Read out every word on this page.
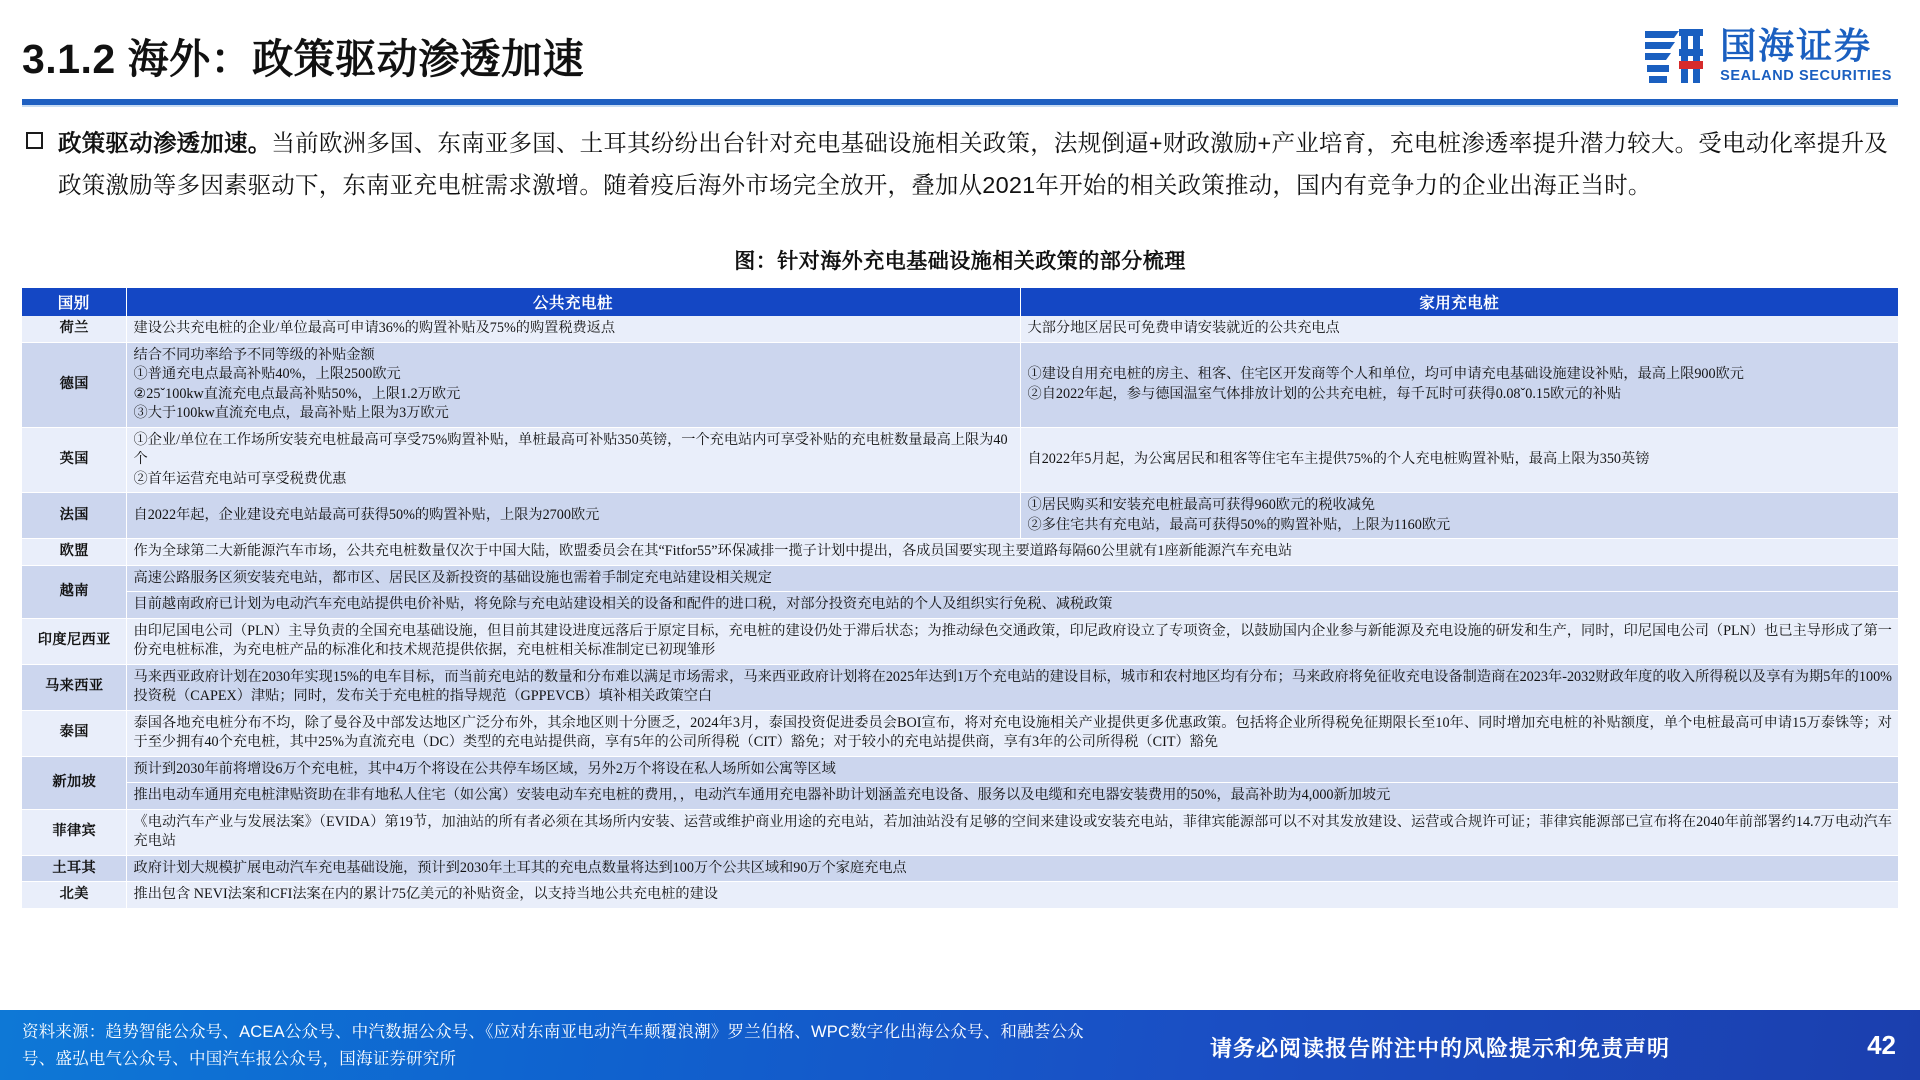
3.1.2 海外：政策驱动渗透加速	国海证券
SEALAND SECURITIES
政策驱动渗透加速。当前欧洲多国、东南亚多国、土耳其纷纷出台针对充电基础设施相关政策，法规倒逼+财政激励+产业培育，充电桩渗透率提升潜力较大。受电动化率提升及政策激励等多因素驱动下，东南亚充电桩需求激增。随着疫后海外市场完全放开，叠加从2021年开始的相关政策推动，国内有竞争力的企业出海正当时。
图：针对海外充电基础设施相关政策的部分梳理
国别	公共充电桩	家用充电桩
荷兰	建设公共充电桩的企业/单位最高可申请36%的购置补贴及75%的购置税费返点	大部分地区居民可免费申请安装就近的公共充电点

德国	结合不同功率给予不同等级的补贴金额
①普通充电点最高补贴40%，上限2500欧元
②25ˇ100kw直流充电点最高补贴50%，上限1.2万欧元
③大于100kw直流充电点，最高补贴上限为3万欧元	①建设自用充电桩的房主、租客、住宅区开发商等个人和单位，均可申请充电基础设施建设补贴，最高上限900欧元
②自2022年起，参与德国温室气体排放计划的公共充电桩，每千瓦时可获得0.08ˇ0.15欧元的补贴

英国	①企业/单位在工作场所安装充电桩最高可享受75%购置补贴，单桩最高可补贴350英镑，一个充电站内可享受补贴的充电桩数量最高上限为40个
②首年运营充电站可享受税费优惠	自2022年5月起，为公寓居民和租客等住宅车主提供75%的个人充电桩购置补贴，最高上限为350英镑

法国	自2022年起，企业建设充电站最高可获得50%的购置补贴，上限为2700欧元	①居民购买和安装充电桩最高可获得960欧元的税收减免
②多住宅共有充电站，最高可获得50%的购置补贴，上限为1160欧元

欧盟	作为全球第二大新能源汽车市场，公共充电桩数量仅次于中国大陆，欧盟委员会在其“Fitfor55”环保减排一揽子计划中提出，各成员国要实现主要道路每隔60公里就有1座新能源汽车充电站	

越南	高速公路服务区须安装充电站，都市区、居民区及新投资的基础设施也需着手制定充电站建设相关规定	

	目前越南政府已计划为电动汽车充电站提供电价补贴，将免除与充电站建设相关的设备和配件的进口税，对部分投资充电站的个人及组织实行免税、减税政策	

印度尼西亚	由印尼国电公司（PLN）主导负责的全国充电基础设施，但目前其建设进度远落后于原定目标，充电桩的建设仍处于滞后状态；为推动绿色交通政策，印尼政府设立了专项资金，以鼓励国内企业参与新能源及充电设施的研发和生产，同时，印尼国电公司（PLN）也已主导形成了第一份充电桩标准，为充电桩产品的标准化和技术规范提供依据，充电桩相关标准制定已初现雏形	

马来西亚	马来西亚政府计划在2030年实现15%的电车目标，而当前充电站的数量和分布难以满足市场需求，马来西亚政府计划将在2025年达到1万个充电站的建设目标，城市和农村地区均有分布；马来政府将免征收充电设备制造商在2023年-2032财政年度的收入所得税以及享有为期5年的100%投资税（CAPEX）津贴；同时，发布关于充电桩的指导规范（GPPEVCB）填补相关政策空白	

泰国	泰国各地充电桩分布不均，除了曼谷及中部发达地区广泛分布外，其余地区则十分匮乏，2024年3月，泰国投资促进委员会BOI宣布，将对充电设施相关产业提供更多优惠政策。包括将企业所得税免征期限长至10年、同时增加充电桩的补贴额度，单个电桩最高可申请15万泰铢等；对于至少拥有40个充电桩，其中25%为直流充电（DC）类型的充电站提供商，享有5年的公司所得税（CIT）豁免；对于较小的充电站提供商，享有3年的公司所得税（CIT）豁免	

新加坡	预计到2030年前将增设6万个充电桩，其中4万个将设在公共停车场区域，另外2万个将设在私人场所如公寓等区域	

	推出电动车通用充电桩津贴资助在非有地私人住宅（如公寓）安装电动车充电桩的费用，，电动汽车通用充电器补助计划涵盖充电设备、服务以及电缆和充电器安装费用的50%，最高补助为4,000新加坡元	

菲律宾	《电动汽车产业与发展法案》（EVIDA）第19节，加油站的所有者必须在其场所内安装、运营或维护商业用途的充电站，若加油站没有足够的空间来建设或安装充电站，菲律宾能源部可以不对其发放建设、运营或合规许可证；菲律宾能源部已宣布将在2040年前部署约14.7万电动汽车充电站	

土耳其	政府计划大规模扩展电动汽车充电基础设施，预计到2030年土耳其的充电点数量将达到100万个公共区域和90万个家庭充电点	

北美	推出包含 NEVI法案和CFI法案在内的累计75亿美元的补贴资金，以支持当地公共充电桩的建设	
资料来源：趋势智能公众号、ACEA公众号、中汽数据公众号、《应对东南亚电动汽车颠覆浪潮》罗兰伯格、WPC数字化出海公众号、和融荟公众号、盛弘电气公众号、中国汽车报公众号，国海证券研究所	请务必阅读报告附注中的风险提示和免责声明	42
